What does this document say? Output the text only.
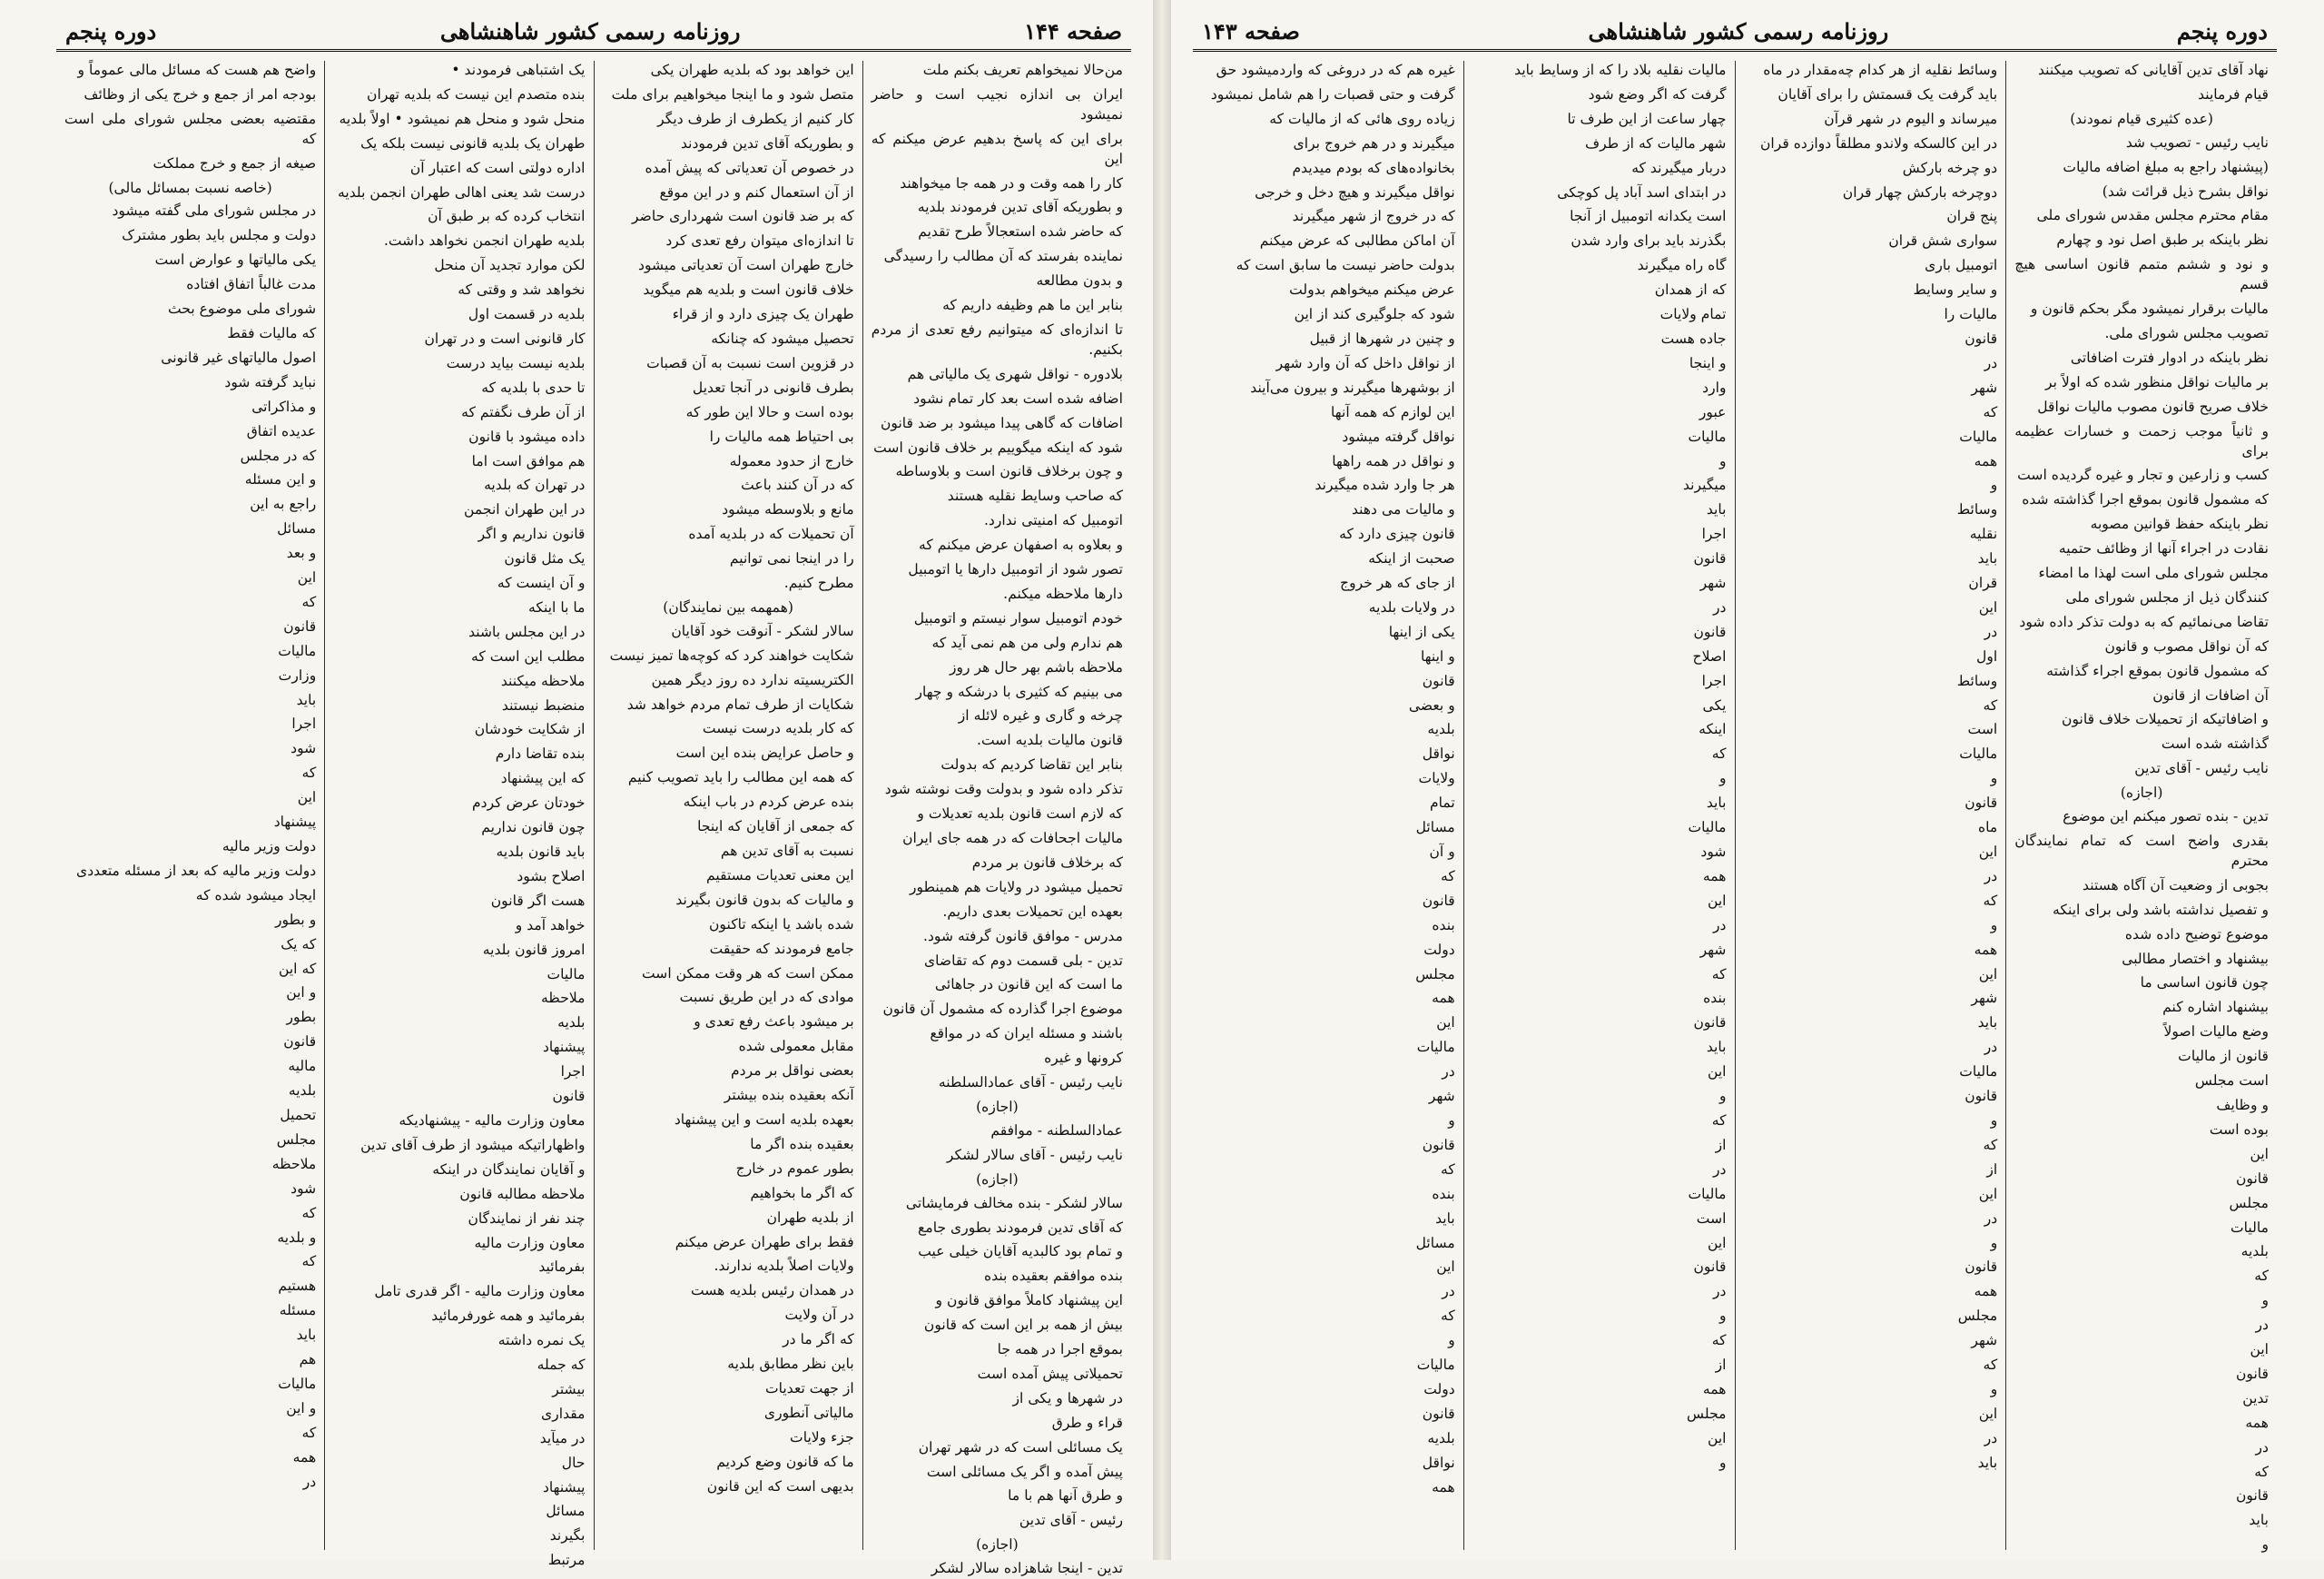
صفحه ۱۴۴
روزنامه رسمی کشور شاهنشاهی
دوره پنجم

من‌حالا نمیخواهم تعریف بکنم ملت

ایران بی اندازه نجیب است و حاضر نمیشود

برای این که پاسخ بدهیم عرض میکنم که این

کار را همه وقت و در همه جا میخواهند

و بطوریکه آقای تدین فرمودند بلدیه

که حاضر شده استعجالاً طرح تقدیم

نماینده بفرستد که آن مطالب را رسیدگی

و بدون مطالعه

بنابر این ما هم وظیفه داریم که

تا اندازه‌ای که میتوانیم رفع تعدی از مردم بکنیم.

بلادوره - نواقل شهری یک مالیاتی هم

اضافه شده است بعد کار تمام نشود

اضافات که گاهی پیدا میشود بر ضد قانون

شود که اینکه میگوییم بر خلاف قانون است

و چون برخلاف قانون است و بلاوساطه

که صاحب وسایط نقلیه هستند

اتومبیل که امنیتی ندارد.

و بعلاوه به اصفهان عرض میکنم که

تصور شود از اتومبیل دارها یا اتومبیل

دارها ملاحظه میکنم.

خودم اتومبیل سوار نیستم و اتومبیل

هم ندارم ولی من هم نمی آید که

ملاحظه باشم بهر حال هر روز

می بینیم که کثیری با درشکه و چهار

چرخه و گاری و غیره لائله از

قانون مالیات بلدیه است.

بنابر این تقاضا کردیم که بدولت

تذکر داده شود و بدولت وقت نوشته شود

که لازم است قانون بلدیه تعدیلات و

مالیات اجحافات که در همه جای ایران

که برخلاف قانون بر مردم

تحمیل میشود در ولایات هم همینطور

بعهده این تحمیلات بعدی داریم.

مدرس - موافق قانون گرفته شود.

تدین - بلی قسمت دوم که تقاضای

ما است که این قانون در جاهائی

موضوع اجرا گذارده که مشمول آن قانون

باشند و مسئله ایران که در مواقع

کرونها و غیره

نایب رئیس - آقای عمادالسلطنه

(اجازه)

عمادالسلطنه - موافقم

نایب رئیس - آقای سالار لشکر

(اجازه)

سالار لشکر - بنده مخالف فرمایشاتی

که آقای تدین فرمودند بطوری جامع

و تمام بود کالبدیه آقایان خیلی عیب

بنده موافقم بعقیده بنده

این پیشنهاد کاملاً موافق قانون و

بیش از همه بر این است که قانون

بموقع اجرا در همه جا

تحمیلاتی پیش آمده است

در شهرها و یکی از

قراء و طرق

یک مسائلی است که در شهر تهران

پیش آمده و اگر یک مسائلی است

و طرق آنها هم با ما

رئیس - آقای تدین

(اجازه)

تدین - اینجا شاهزاده سالار لشکر

این خواهد بود که بلدیه طهران یکی

متصل شود و ما اینجا میخواهیم برای ملت

کار کنیم از یکطرف از طرف دیگر

و بطوریکه آقای تدین فرمودند

در خصوص آن تعدیاتی که پیش آمده

از آن استعمال کنم و در این موقع

که بر ضد قانون است شهرداری حاضر

تا اندازه‌ای میتوان رفع تعدی کرد

خارج طهران است آن تعدیاتی میشود

خلاف قانون است و بلدیه هم میگوید

طهران یک چیزی دارد و از قراء

تحصیل میشود که چنانکه

در قزوین است نسبت به آن قصبات

بطرف قانونی در آنجا تعدیل

بوده است و حالا این طور که

بی احتیاط همه مالیات را

خارج از حدود معموله

که در آن کنند باعث

مانع و بلاوسطه میشود

آن تحمیلات که در بلدیه آمده

را در اینجا نمی توانیم

مطرح کنیم.

(همهمه بین نمایندگان)

سالار لشکر - آنوقت خود آقایان

شکایت خواهند کرد که کوچه‌ها تمیز نیست

الکتریسیته ندارد ده روز دیگر همین

شکایات از طرف تمام مردم خواهد شد

که کار بلدیه درست نیست

و حاصل عرایض بنده این است

که همه این مطالب را باید تصویب کنیم

بنده عرض کردم در باب اینکه

که جمعی از آقایان که اینجا

نسبت به آقای تدین هم

این معنی تعدیات مستقیم

و مالیات که بدون قانون بگیرند

شده باشد یا اینکه تاکنون

جامع فرمودند که حقیقت

ممکن است که هر وقت ممکن است

موادی که در این طریق نسبت

بر میشود باعث رفع تعدی و

مقابل معمولی شده

بعضی نواقل بر مردم

آنکه بعقیده بنده بیشتر

بعهده بلدیه است و این پیشنهاد

بعقیده بنده اگر ما

بطور عموم در خارج

که اگر ما بخواهیم

از بلدیه طهران

فقط برای طهران عرض میکنم

ولایات اصلاً بلدیه ندارند.

در همدان رئیس بلدیه هست

در آن ولایت

که اگر ما در

باین نظر مطابق بلدیه

از جهت تعدیات

مالیاتی آنطوری

جزء ولایات

ما که قانون وضع کردیم

بدیهی است که این قانون

یک اشتباهی فرمودند •

بنده متصدم این نیست که بلدیه تهران

منحل شود و منحل هم نمیشود • اولاً بلدیه

طهران یک بلدیه قانونی نیست بلکه یک

اداره دولتی است که اعتبار آن

درست شد یعنی اهالی طهران انجمن بلدیه

انتخاب کرده که بر طبق آن

بلدیه طهران انجمن نخواهد داشت.

لکن موارد تجدید آن منحل

نخواهد شد و وقتی که

بلدیه در قسمت اول

کار قانونی است و در تهران

بلدیه نیست بیاید درست

تا حدی با بلدیه که

از آن طرف نگفتم که

داده میشود با قانون

هم موافق است اما

در تهران که بلدیه

در این طهران انجمن

قانون نداریم و اگر

یک مثل قانون

و آن اینست که

ما با اینکه

در این مجلس باشند

مطلب این است که

ملاحظه میکنند

منضبط نیستند

از شکایت خودشان

بنده تقاضا دارم

که این پیشنهاد

خودتان عرض کردم

چون قانون نداریم

باید قانون بلدیه

اصلاح بشود

هست اگر قانون

خواهد آمد و

امروز قانون بلدیه

مالیات

ملاحظه

بلدیه

پیشنهاد

اجرا

قانون

معاون وزارت مالیه - پیشنهادیکه

واظهاراتیکه میشود از طرف آقای تدین

و آقایان نمایندگان در اینکه

ملاحظه مطالبه قانون

چند نفر از نمایندگان

معاون وزارت مالیه

بفرمائید

معاون وزارت مالیه - اگر قدری تامل

بفرمائید و همه غورفرمائید

یک نمره داشته

که جمله

بیشتر

مقداری

در میآید

حال

پیشنهاد

مسائل

بگیرند

مرتبط

واضح هم هست که مسائل مالی عموماً و

بودجه امر از جمع و خرج یکی از وظائف

مقتضیه بعضی مجلس شورای ملی است که

صیغه از جمع و خرج مملکت

(خاصه نسبت بمسائل مالی)

در مجلس شورای ملی گفته میشود

دولت و مجلس باید بطور مشترک

یکی مالیاتها و عوارض است

مدت غالباً اتفاق افتاده

شورای ملی موضوع بحث

که مالیات فقط

اصول مالیاتهای غیر قانونی

نباید گرفته شود

و مذاکراتی

عدیده اتفاق

که در مجلس

و این مسئله

راجع به این

مسائل

و بعد

این

که

قانون

مالیات

وزارت

باید

اجرا

شود

که

این

پیشنهاد

دولت وزیر مالیه

دولت وزیر مالیه که بعد از مسئله متعددی

ایجاد میشود شده که

و بطور

که یک

که این

و این

بطور

قانون

مالیه

بلدیه

تحمیل

مجلس

ملاحظه

شود

که

و بلدیه

که

هستیم

مسئله

باید

هم

مالیات

و این

که

همه

در

دوره پنجم
روزنامه رسمی کشور شاهنشاهی
صفحه ۱۴۳

نهاد آقای تدین آقایانی که تصویب میکنند

قیام فرمایند

(عده کثیری قیام نمودند)

نایب رئیس - تصویب شد

(پیشنهاد راجع به مبلغ اضافه مالیات

نواقل بشرح ذیل قرائت شد)

مقام محترم مجلس مقدس شورای ملی

نظر باینکه بر طبق اصل نود و چهارم

و نود و ششم متمم قانون اساسی هیچ قسم

مالیات برقرار نمیشود مگر بحکم قانون و

تصویب مجلس شورای ملی.

نظر باینکه در ادوار فترت اضافاتی

بر مالیات نواقل منظور شده که اولاً بر

خلاف صریح قانون مصوب مالیات نواقل

و ثانیاً موجب زحمت و خسارات عظیمه برای

کسب و زارعین و تجار و غیره گردیده است

که مشمول قانون بموقع اجرا گذاشته شده

نظر باینکه حفظ قوانین مصوبه

نقادت در اجراء آنها از وظائف حتمیه

مجلس شورای ملی است لهذا ما امضاء

کنندگان ذیل از مجلس شورای ملی

تقاضا می‌نمائیم که به دولت تذکر داده شود

که آن نواقل مصوب و قانون

که مشمول قانون بموقع اجراء گذاشته

آن اضافات از قانون

و اضافاتیکه از تحمیلات خلاف قانون

گذاشته شده است

نایب رئیس - آقای تدین

(اجازه)

تدین - بنده تصور میکنم این موضوع

بقدری واضح است که تمام نمایندگان محترم

بجوبی از وضعیت آن آگاه هستند

و تفصیل نداشته باشد ولی برای اینکه

موضوع توضیح داده شده

بیشنهاد و اختصار مطالبی

چون قانون اساسی ما

بیشنهاد اشاره کنم

وضع مالیات اصولاً

قانون از مالیات

است مجلس

و وظایف

بوده است

این

قانون

مجلس

مالیات

بلدیه

که

و

در

این

قانون

تدین

همه

در

که

قانون

باید

و

وسائط نقلیه از هر کدام چه‌مقدار در ماه

باید گرفت یک قسمتش را برای آقایان

میرساند و الیوم در شهر قرآن

در این کالسکه ولاندو مطلقاً دوازده قران

دو چرخه بارکش

دوچرخه بارکش چهار قران

پنج قران

سواری شش قران

اتومبیل باری

و سایر وسایط

مالیات را

قانون

در

شهر

که

مالیات

همه

و

وسائط

نقلیه

باید

قران

این

در

اول

وسائط

که

است

مالیات

و

قانون

ماه

این

در

که

و

همه

این

شهر

باید

در

مالیات

قانون

و

که

از

این

در

و

قانون

همه

مجلس

شهر

که

و

این

در

باید

مالیات نقلیه بلاد را که از وسایط باید

گرفت که اگر وضع شود

چهار ساعت از این طرف تا

شهر مالیات که از طرف

دربار میگیرند که

در ابتدای اسد آباد پل کوچکی

است یکدانه اتومبیل از آنجا

بگذرند باید برای وارد شدن

گاه راه میگیرند

که از همدان

تمام ولایات

جاده هست

و اینجا

وارد

عبور

مالیات

و

میگیرند

باید

اجرا

قانون

شهر

در

قانون

اصلاح

اجرا

یکی

اینکه

که

و

باید

مالیات

شود

همه

این

در

شهر

که

بنده

قانون

باید

این

و

که

از

در

مالیات

است

این

قانون

در

و

که

از

همه

مجلس

این

و

غیره هم که در دروغی که واردمیشود حق

گرفت و حتی قصبات را هم شامل نمیشود

زیاده روی هائی که از مالیات که

میگیرند و در هم خروج برای

بخانواده‌های که بودم میدیدم

نواقل میگیرند و هیچ دخل و خرجی

که در خروج از شهر میگیرند

آن اماکن مطالبی که عرض میکنم

بدولت حاضر نیست ما سابق است که

عرض میکنم میخواهم بدولت

شود که جلوگیری کند از این

و چنین در شهرها از قبیل

از نواقل داخل که آن وارد شهر

از بوشهرها میگیرند و بیرون می‌آیند

این لوازم که همه آنها

نواقل گرفته میشود

و نواقل در همه راهها

هر جا وارد شده میگیرند

و مالیات می دهند

قانون چیزی دارد که

صحبت از اینکه

از جای که هر خروج

در ولایات بلدیه

یکی از اینها

و اینها

قانون

و بعضی

بلدیه

نواقل

ولایات

تمام

مسائل

و آن

که

قانون

بنده

دولت

مجلس

همه

این

مالیات

در

شهر

و

قانون

که

بنده

باید

مسائل

این

در

که

و

مالیات

دولت

قانون

بلدیه

نواقل

همه
